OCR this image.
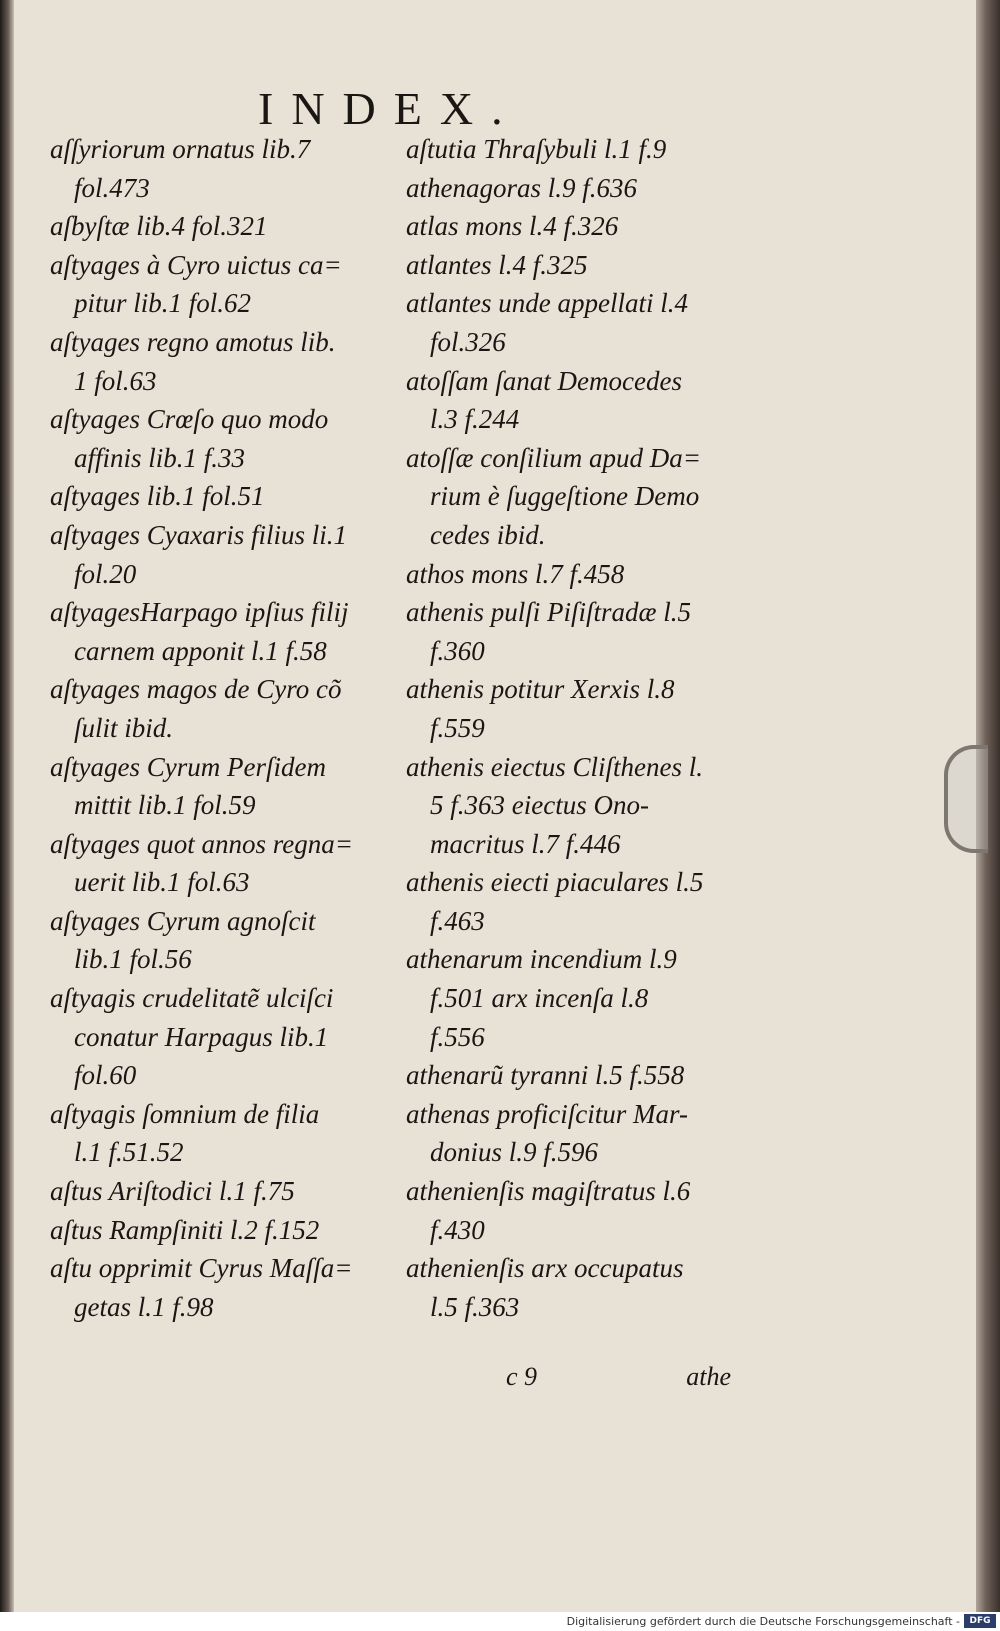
INDEX.
aſſyriorum ornatus lib.7
fol.473
aſbyſtæ lib.4 fol.321
aſtyages à Cyro uictus ca=
pitur lib.1 fol.62
aſtyages regno amotus lib.
1 fol.63
aſtyages Crœſo quo modo
affinis lib.1 f.33
aſtyages lib.1 fol.51
aſtyages Cyaxaris filius li.1
fol.20
aſtyagesHarpago ipſius filij
carnem apponit l.1 f.58
aſtyages magos de Cyro cõ
ſulit ibid.
aſtyages Cyrum Perſidem
mittit lib.1 fol.59
aſtyages quot annos regna=
uerit lib.1 fol.63
aſtyages Cyrum agnoſcit
lib.1 fol.56
aſtyagis crudelitatẽ ulciſci
conatur Harpagus lib.1
fol.60
aſtyagis ſomnium de filia
l.1 f.51.52
aſtus Ariſtodici l.1 f.75
aſtus Rampſiniti l.2 f.152
aſtu opprimit Cyrus Maſſa=
getas l.1 f.98
aſtutia Thraſybuli l.1 f.9
athenagoras l.9 f.636
atlas mons l.4 f.326
atlantes l.4 f.325
atlantes unde appellati l.4
fol.326
atoſſam ſanat Democedes
l.3 f.244
atoſſæ conſilium apud Da=
rium è ſuggeſtione Demo
cedes ibid.
athos mons l.7 f.458
athenis pulſi Piſiſtradæ l.5
f.360
athenis potitur Xerxis l.8
f.559
athenis eiectus Cliſthenes l.
5 f.363 eiectus Ono-
macritus l.7 f.446
athenis eiecti piaculares l.5
f.463
athenarum incendium l.9
f.501 arx incenſa l.8
f.556
athenarũ tyranni l.5 f.558
athenas proficiſcitur Mar-
donius l.9 f.596
athenienſis magiſtratus l.6
f.430
athenienſis arx occupatus
l.5 f.363
c 9	athe
Digitalisierung gefördert durch die Deutsche Forschungsgemeinschaft -	DFG
